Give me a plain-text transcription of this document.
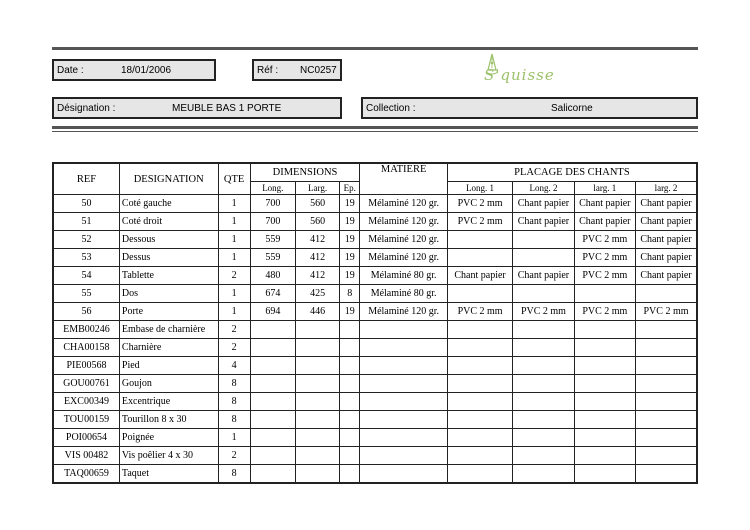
Date :	18/01/2006	Réf : NC0257	S'quisse
Désignation :	MEUBLE BAS 1 PORTE	Collection :	Salicorne
REF	DESIGNATION	QTE	DIMENSIONS			MATIERE	PLACAGE DES CHANTS			
			Long.	Larg.	Ep.		Long. 1	Long. 2	larg. 1	larg. 2
50	Coté gauche	1	700	560	19	Mélaminé 120 gr.	PVC 2 mm	Chant papier	Chant papier	Chant papier
51	Coté droit	1	700	560	19	Mélaminé 120 gr.	PVC 2 mm	Chant papier	Chant papier	Chant papier
52	Dessous	1	559	412	19	Mélaminé 120 gr.			PVC 2 mm	Chant papier
53	Dessus	1	559	412	19	Mélaminé 120 gr.			PVC 2 mm	Chant papier
54	Tablette	2	480	412	19	Mélaminé 80 gr.	Chant papier	Chant papier	PVC 2 mm	Chant papier
55	Dos	1	674	425	8	Mélaminé 80 gr.				
56	Porte	1	694	446	19	Mélaminé 120 gr.	PVC 2 mm	PVC 2 mm	PVC 2 mm	PVC 2 mm
EMB00246	Embase de charnière	2								
CHA00158	Charnière	2								
PIE00568	Pied	4								
GOU00761	Goujon	8								
EXC00349	Excentrique	8								
TOU00159	Tourillon 8 x 30	8								
POI00654	Poignée	1								
VIS 00482	Vis poêlier 4 x 30	2								
TAQ00659	Taquet	8								
